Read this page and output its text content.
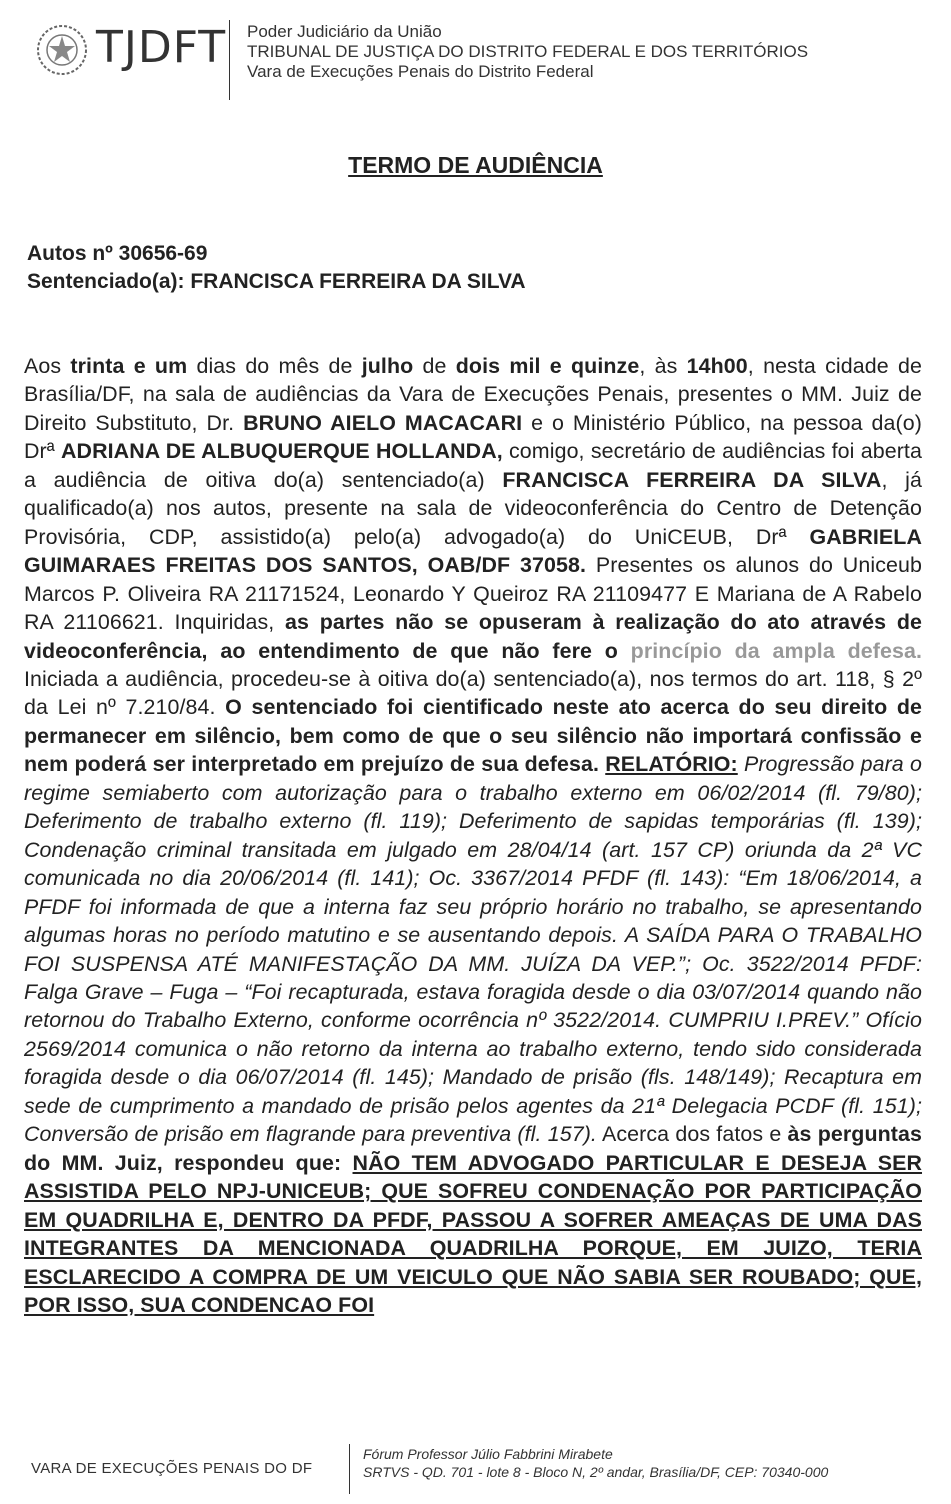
TJDFT Poder Judiciário da União
TRIBUNAL DE JUSTIÇA DO DISTRITO FEDERAL E DOS TERRITÓRIOS
Vara de Execuções Penais do Distrito Federal
TERMO DE AUDIÊNCIA
Autos nº 30656-69
Sentenciado(a): FRANCISCA FERREIRA DA SILVA
Aos trinta e um dias do mês de julho de dois mil e quinze, às 14h00, nesta cidade de Brasília/DF, na sala de audiências da Vara de Execuções Penais, presentes o MM. Juiz de Direito Substituto, Dr. BRUNO AIELO MACACARI e o Ministério Público, na pessoa da(o) Drª ADRIANA DE ALBUQUERQUE HOLLANDA, comigo, secretário de audiências foi aberta a audiência de oitiva do(a) sentenciado(a) FRANCISCA FERREIRA DA SILVA, já qualificado(a) nos autos, presente na sala de videoconferência do Centro de Detenção Provisória, CDP, assistido(a) pelo(a) advogado(a) do UniCEUB, Drª GABRIELA GUIMARAES FREITAS DOS SANTOS, OAB/DF 37058. Presentes os alunos do Uniceub Marcos P. Oliveira RA 21171524, Leonardo Y Queiroz RA 21109477 E Mariana de A Rabelo RA 21106621. Inquiridas, as partes não se opuseram à realização do ato através de videoconferência, ao entendimento de que não fere o princípio da ampla defesa. Iniciada a audiência, procedeu-se à oitiva do(a) sentenciado(a), nos termos do art. 118, § 2º da Lei nº 7.210/84. O sentenciado foi cientificado neste ato acerca do seu direito de permanecer em silêncio, bem como de que o seu silêncio não importará confissão e nem poderá ser interpretado em prejuízo de sua defesa. RELATÓRIO: Progressão para o regime semiaberto com autorização para o trabalho externo em 06/02/2014 (fl. 79/80); Deferimento de trabalho externo (fl. 119); Deferimento de sapidas temporárias (fl. 139); Condenação criminal transitada em julgado em 28/04/14 (art. 157 CP) oriunda da 2ª VC comunicada no dia 20/06/2014 (fl. 141); Oc. 3367/2014 PFDF (fl. 143): “Em 18/06/2014, a PFDF foi informada de que a interna faz seu próprio horário no trabalho, se apresentando algumas horas no período matutino e se ausentando depois. A SAÍDA PARA O TRABALHO FOI SUSPENSA ATÉ MANIFESTAÇÃO DA MM. JUÍZA DA VEP.”; Oc. 3522/2014 PFDF: Falga Grave – Fuga – “Foi recapturada, estava foragida desde o dia 03/07/2014 quando não retornou do Trabalho Externo, conforme ocorrência nº 3522/2014. CUMPRIU I.PREV.” Ofício 2569/2014 comunica o não retorno da interna ao trabalho externo, tendo sido considerada foragida desde o dia 06/07/2014 (fl. 145); Mandado de prisão (fls. 148/149); Recaptura em sede de cumprimento a mandado de prisão pelos agentes da 21ª Delegacia PCDF (fl. 151); Conversão de prisão em flagrande para preventiva (fl. 157). Acerca dos fatos e às perguntas do MM. Juiz, respondeu que: NÃO TEM ADVOGADO PARTICULAR E DESEJA SER ASSISTIDA PELO NPJ-UNICEUB; QUE SOFREU CONDENAÇÃO POR PARTICIPAÇÃO EM QUADRILHA E, DENTRO DA PFDF, PASSOU A SOFRER AMEAÇAS DE UMA DAS INTEGRANTES DA MENCIONADA QUADRILHA PORQUE, EM JUIZO, TERIA ESCLARECIDO A COMPRA DE UM VEICULO QUE NÃO SABIA SER ROUBADO; QUE, POR ISSO, SUA CONDENCAO FOI
VARA DE EXECUÇÕES PENAIS DO DF
Fórum Professor Júlio Fabbrini Mirabete
SRTVS - QD. 701 - lote 8 - Bloco N, 2º andar, Brasília/DF, CEP: 70340-000
